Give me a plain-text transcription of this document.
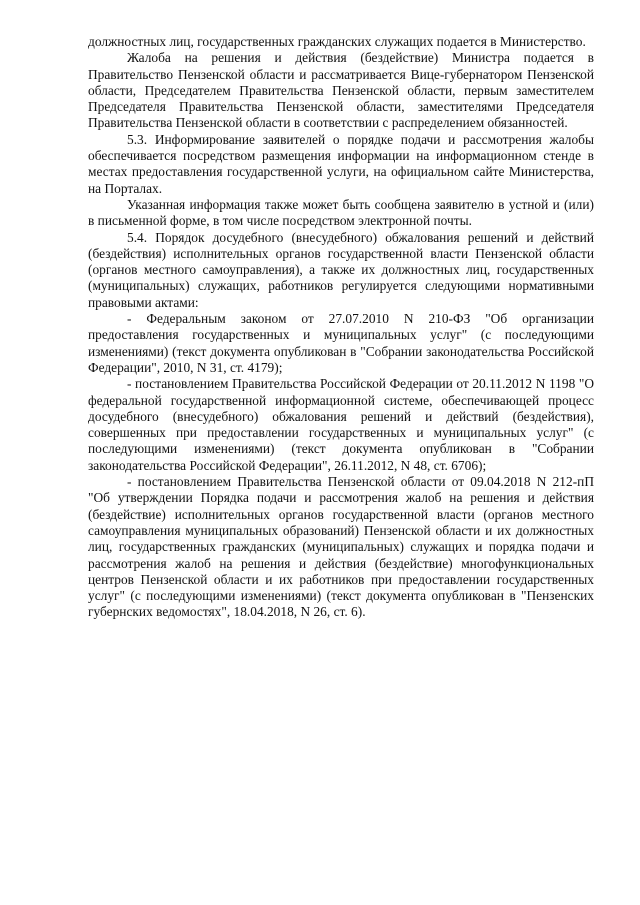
должностных лиц, государственных гражданских служащих подается в Министерство.

Жалоба на решения и действия (бездействие) Министра подается в Правительство Пензенской области и рассматривается Вице-губернатором Пензенской области, Председателем Правительства Пензенской области, первым заместителем Председателя Правительства Пензенской области, заместителями Председателя Правительства Пензенской области в соответствии с распределением обязанностей.

5.3. Информирование заявителей о порядке подачи и рассмотрения жалобы обеспечивается посредством размещения информации на информационном стенде в местах предоставления государственной услуги, на официальном сайте Министерства, на Порталах.

Указанная информация также может быть сообщена заявителю в устной и (или) в письменной форме, в том числе посредством электронной почты.

5.4. Порядок досудебного (внесудебного) обжалования решений и действий (бездействия) исполнительных органов государственной власти Пензенской области (органов местного самоуправления), а также их должностных лиц, государственных (муниципальных) служащих, работников регулируется следующими нормативными правовыми актами:

- Федеральным законом от 27.07.2010 N 210-ФЗ "Об организации предоставления государственных и муниципальных услуг" (с последующими изменениями) (текст документа опубликован в "Собрании законодательства Российской Федерации", 2010, N 31, ст. 4179);

- постановлением Правительства Российской Федерации от 20.11.2012 N 1198 "О федеральной государственной информационной системе, обеспечивающей процесс досудебного (внесудебного) обжалования решений и действий (бездействия), совершенных при предоставлении государственных и муниципальных услуг" (с последующими изменениями) (текст документа опубликован в "Собрании законодательства Российской Федерации", 26.11.2012, N 48, ст. 6706);

- постановлением Правительства Пензенской области от 09.04.2018 N 212-пП "Об утверждении Порядка подачи и рассмотрения жалоб на решения и действия (бездействие) исполнительных органов государственной власти (органов местного самоуправления муниципальных образований) Пензенской области и их должностных лиц, государственных гражданских (муниципальных) служащих и порядка подачи и рассмотрения жалоб на решения и действия (бездействие) многофункциональных центров Пензенской области и их работников при предоставлении государственных услуг" (с последующими изменениями) (текст документа опубликован в "Пензенских губернских ведомостях", 18.04.2018, N 26, ст. 6).
